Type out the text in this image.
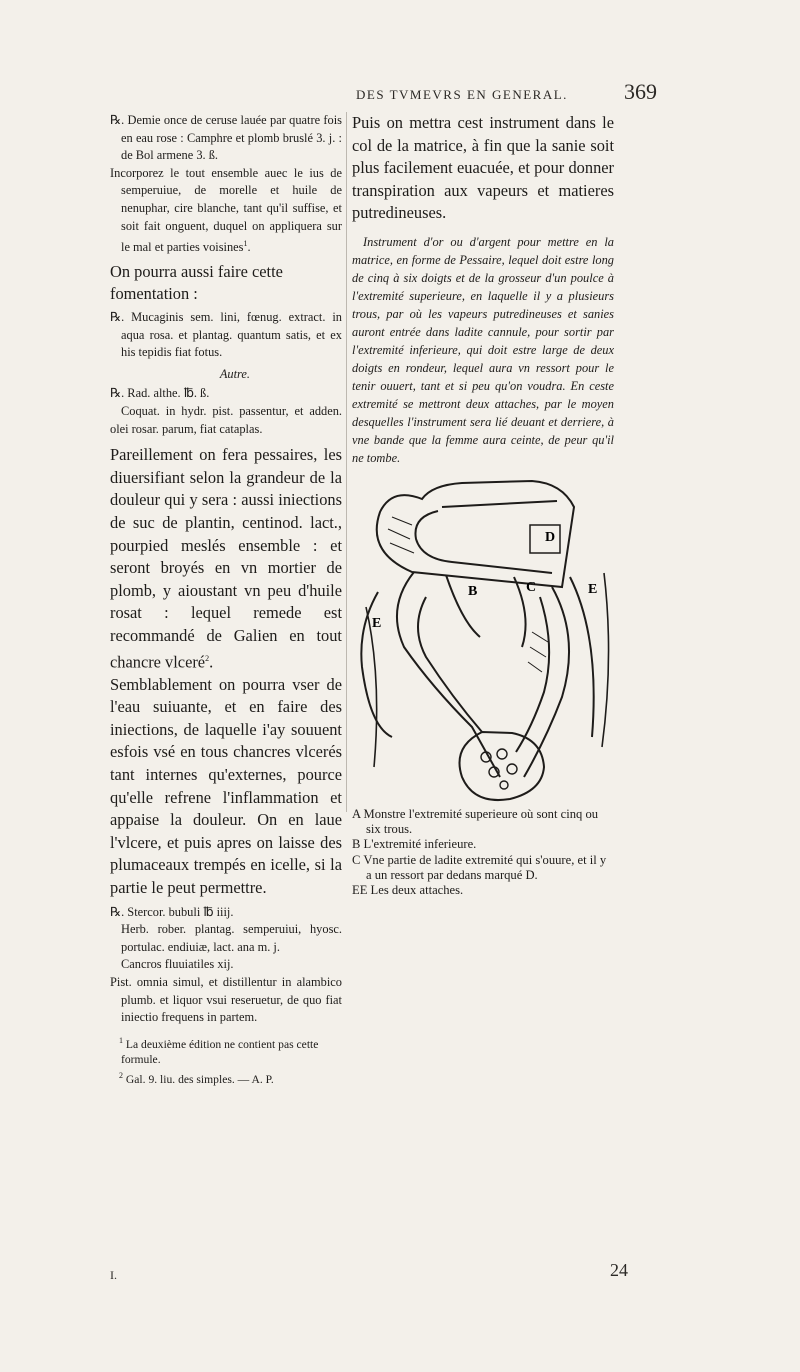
DES TVMEVRS EN GENERAL.	369

℞. Demie once de ceruse lauée par quatre fois en eau rose : Camphre et plomb bruslé 3. j. : de Bol armene 3. ß.

Incorporez le tout ensemble auec le ius de semperuiue, de morelle et huile de nenuphar, cire blanche, tant qu'il suffise, et soit fait onguent, duquel on appliquera sur le mal et parties voisines$^1$.

On pourra aussi faire cette fomentation :

℞. Mucaginis sem. lini, fœnug. extract. in aqua rosa. et plantag. quantum satis, et ex his tepidis fiat fotus.

Autre.

℞. Rad. althe. ℔. ß.

Coquat. in hydr. pist. passentur, et adden. olei rosar. parum, fiat cataplas.

Pareillement on fera pessaires, les diuersifiant selon la grandeur de la douleur qui y sera : aussi iniections de suc de plantin, centinod. lact., pourpied meslés ensemble : et seront broyés en vn mortier de plomb, y aioustant vn peu d'huile rosat : lequel remede est recommandé de Galien en tout chancre vlceré$^2$.

Semblablement on pourra vser de l'eau suiuante, et en faire des iniections, de laquelle i'ay souuent esfois vsé en tous chancres vlcerés tant internes qu'externes, pource qu'elle refrene l'inflammation et appaise la douleur. On en laue l'vlcere, et puis apres on laisse des plumaceaux trempés en icelle, si la partie le peut permettre.

℞. Stercor. bubuli ℔ iiij.

Herb. rober. plantag. semperuiui, hyosc. portulac. endiuiæ, lact. ana m. j.

Cancros fluuiatiles xij.

Pist. omnia simul, et distillentur in alambico plumb. et liquor vsui reseruetur, de quo fiat iniectio frequens in partem.

$^1$ La deuxième édition ne contient pas cette formule.

$^2$ Gal. 9. liu. des simples. — A. P.

Puis on mettra cest instrument dans le col de la matrice, à fin que la sanie soit plus facilement euacuée, et pour donner transpiration aux vapeurs et matieres putredineuses.

Instrument d'or ou d'argent pour mettre en la matrice, en forme de Pessaire, lequel doit estre long de cinq à six doigts et de la grosseur d'un poulce à l'extremité superieure, en laquelle il y a plusieurs trous, par où les vapeurs putredineuses et sanies auront entrée dans ladite cannule, pour sortir par l'extremité inferieure, qui doit estre large de deux doigts en rondeur, lequel aura vn ressort pour le tenir ouuert, tant et si peu qu'on voudra. En ceste extremité se mettront deux attaches, par le moyen desquelles l'instrument sera lié deuant et derriere, à vne bande que la femme aura ceinte, de peur qu'il ne tombe.

D
B	C	E
E

A Monstre l'extremité superieure où sont cinq ou six trous.

B L'extremité inferieure.

C Vne partie de ladite extremité qui s'ouure, et il y a un ressort par dedans marqué D.

EE Les deux attaches.

I.	24
